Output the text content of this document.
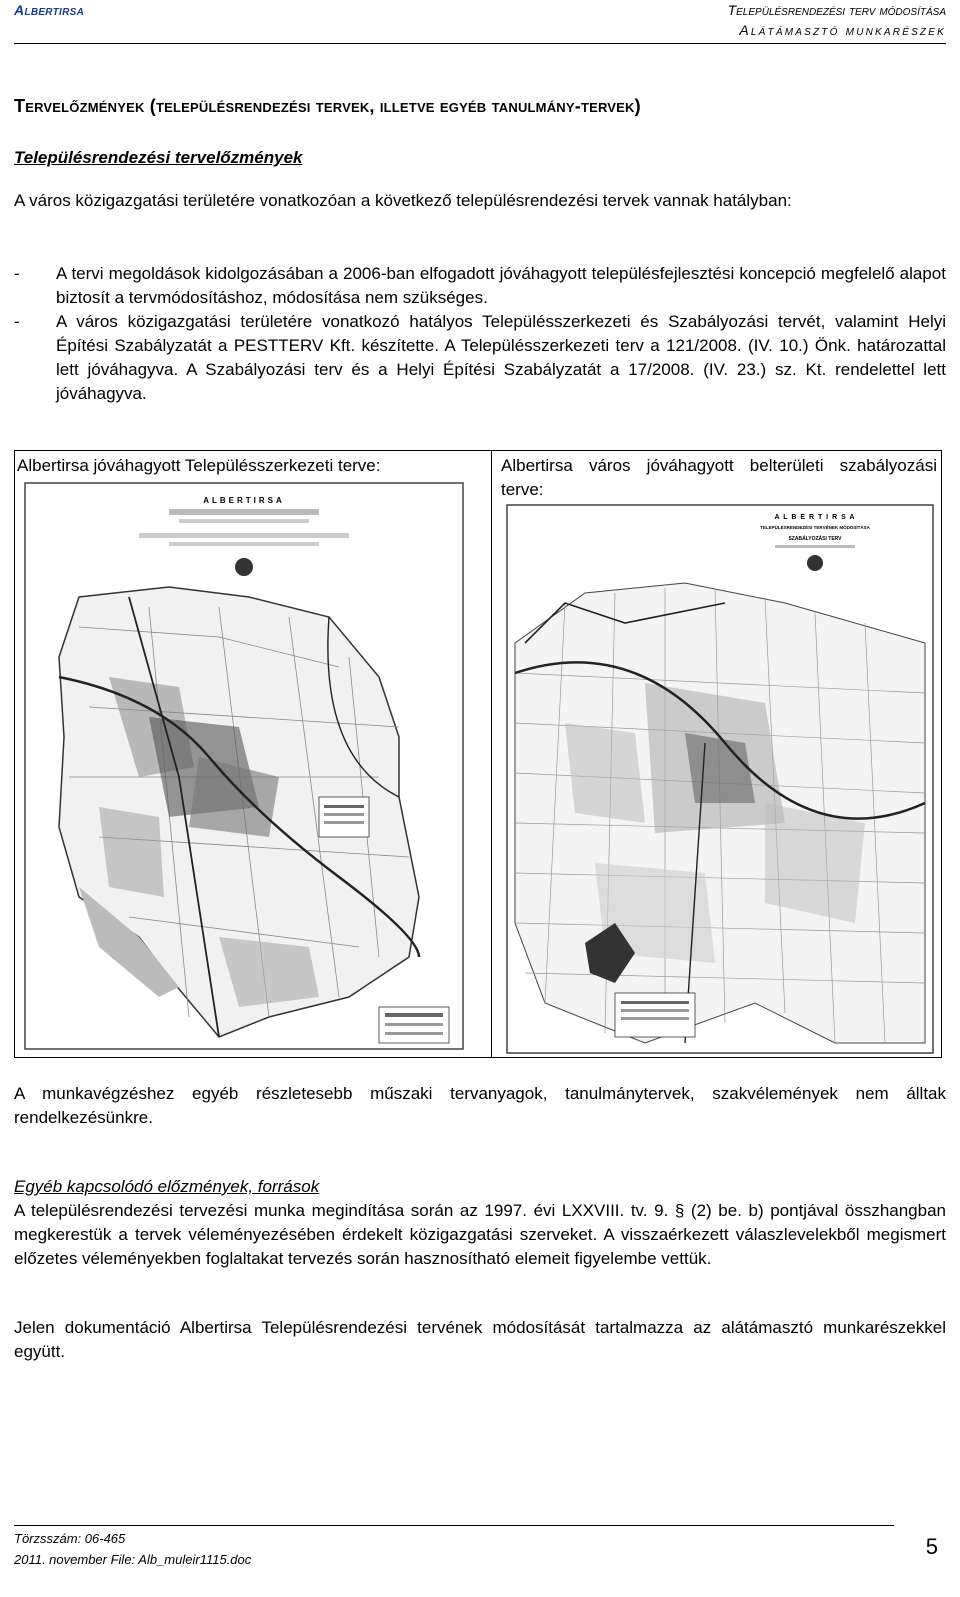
Albertirsa	Településrendezési terv módosítása
Alátámasztó munkarészek
Tervelőzmények (településrendezési tervek, illetve egyéb tanulmány-tervek)
Településrendezési tervelőzmények
A város közigazgatási területére vonatkozóan a következő településrendezési tervek vannak hatályban:
- A tervi megoldások kidolgozásában a 2006-ban elfogadott jóváhagyott településfejlesztési koncepció megfelelő alapot biztosít a tervmódosításhoz, módosítása nem szükséges.
- A város közigazgatási területére vonatkozó hatályos Településszerkezeti és Szabályozási tervét, valamint Helyi Építési Szabályzatát a PESTTERV Kft. készítette. A Településszerkezeti terv a 121/2008. (IV. 10.) Önk. határozattal lett jóváhagyva. A Szabályozási terv és a Helyi Építési Szabályzatát a 17/2008. (IV. 23.) sz. Kt. rendelettel lett jóváhagyva.
Albertirsa jóváhagyott Településszerkezeti terve:	Albertirsa város jóváhagyott belterületi szabályozási terve:
ALBERTIRSA
A L B E R T I R S A
TELEPÜLÉSRENDEZÉSI TERVÉNEK MÓDOSÍTÁSA
SZABÁLYOZÁSI TERV
A munkavégzéshez egyéb részletesebb műszaki tervanyagok, tanulmánytervek, szakvélemények nem álltak rendelkezésünkre.
Egyéb kapcsolódó előzmények, források
A településrendezési tervezési munka megindítása során az 1997. évi LXXVIII. tv. 9. § (2) be. b) pontjával összhangban megkerestük a tervek véleményezésében érdekelt közigazgatási szerveket. A visszaérkezett válaszlevelekből megismert előzetes véleményekben foglaltakat tervezés során hasznosítható elemeit figyelembe vettük.
Jelen dokumentáció Albertirsa Településrendezési tervének módosítását tartalmazza az alátámasztó munkarészekkel együtt.
Törzsszám: 06-465
2011. november File: Alb_muleir1115.doc
5
